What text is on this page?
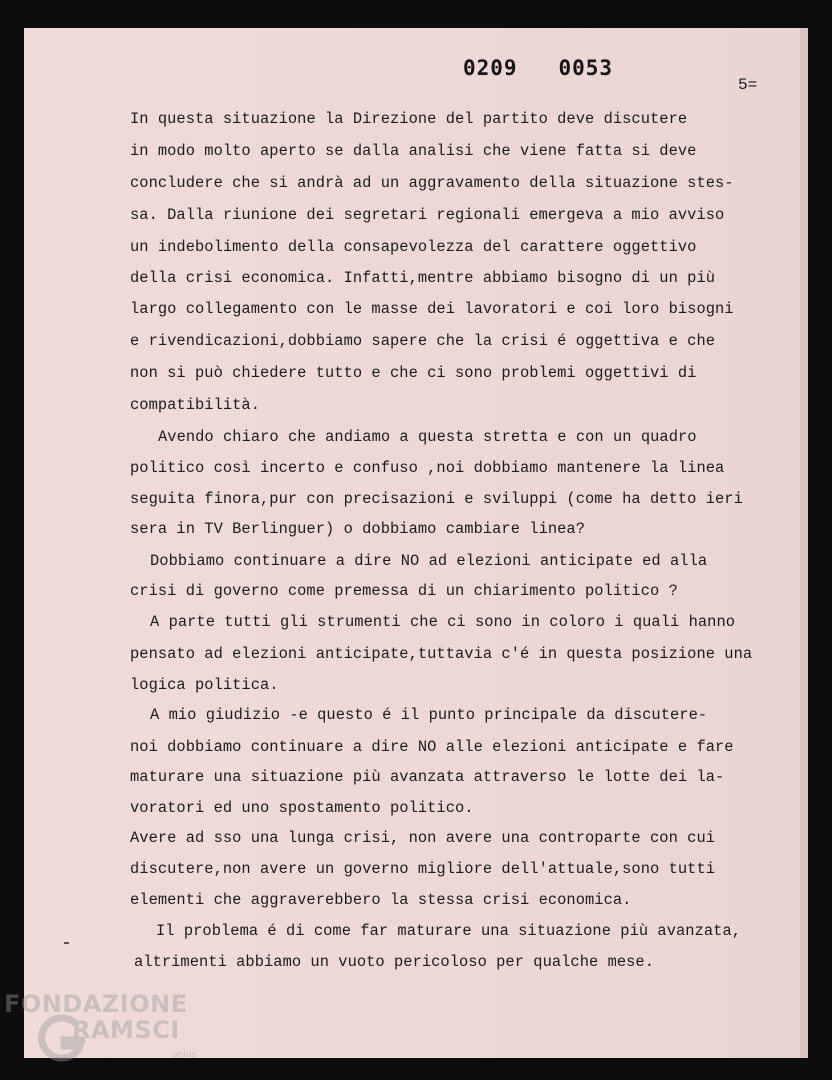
0209   0053
5=
In questa situazione la Direzione del partito deve discutere
in modo molto aperto se dalla analisi che viene fatta si deve
concludere che si andrà ad un aggravamento della situazione stes-
sa. Dalla riunione dei segretari regionali emergeva a mio avviso
un indebolimento della consapevolezza del carattere oggettivo
della crisi economica. Infatti,mentre abbiamo bisogno di un più
largo collegamento con le masse dei lavoratori e coi loro bisogni
e rivendicazioni,dobbiamo sapere che la crisi é oggettiva e che
non si può chiedere tutto e che ci sono problemi oggettivi di
compatibilità.
Avendo chiaro che andiamo a questa stretta e con un quadro
politico così incerto e confuso ,noi dobbiamo mantenere la linea
seguita finora,pur con precisazioni e sviluppi (come ha detto ieri
sera in TV Berlinguer) o dobbiamo cambiare linea?
Dobbiamo continuare a dire NO ad elezioni anticipate ed alla
crisi di governo come premessa di un chiarimento politico ?
A parte tutti gli strumenti che ci sono in coloro i quali hanno
pensato ad elezioni anticipate,tuttavia c'é in questa posizione una
logica politica.
A mio giudizio -e questo é il punto principale da discutere-
noi dobbiamo continuare a dire NO alle elezioni anticipate e fare
maturare una situazione più avanzata attraverso le lotte dei la-
voratori ed uno spostamento politico.
Avere ad sso una lunga crisi, non avere una controparte con cui
discutere,non avere un governo migliore dell'attuale,sono tutti
elementi che aggraverebbero la stessa crisi economica.
Il problema é di come far maturare una situazione più avanzata,
altrimenti abbiamo un vuoto pericoloso per qualche mese.
FONDAZIONE
RAMSCI
onlus
